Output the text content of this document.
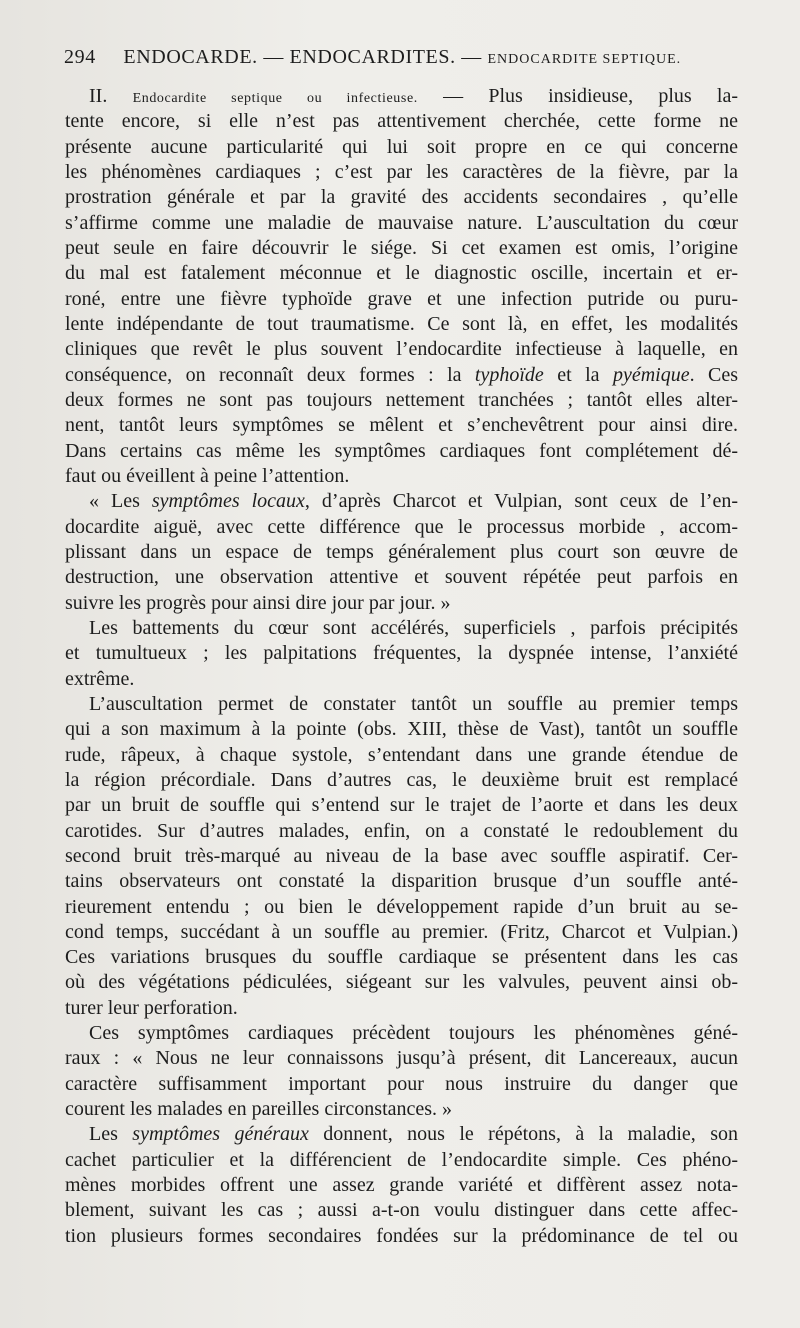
294 ENDOCARDE. — ENDOCARDITES. — ENDOCARDITE SEPTIQUE.
II. Endocardite septique ou infectieuse. — Plus insidieuse, plus la-
tente encore, si elle n’est pas attentivement cherchée, cette forme ne
présente aucune particularité qui lui soit propre en ce qui concerne
les phénomènes cardiaques ; c’est par les caractères de la fièvre, par la
prostration générale et par la gravité des accidents secondaires , qu’elle
s’affirme comme une maladie de mauvaise nature. L’auscultation du cœur
peut seule en faire découvrir le siége. Si cet examen est omis, l’origine
du mal est fatalement méconnue et le diagnostic oscille, incertain et er-
roné, entre une fièvre typhoïde grave et une infection putride ou puru-
lente indépendante de tout traumatisme. Ce sont là, en effet, les modalités
cliniques que revêt le plus souvent l’endocardite infectieuse à laquelle, en
conséquence, on reconnaît deux formes : la typhoïde et la pyémique. Ces
deux formes ne sont pas toujours nettement tranchées ; tantôt elles alter-
nent, tantôt leurs symptômes se mêlent et s’enchevêtrent pour ainsi dire.
Dans certains cas même les symptômes cardiaques font complétement dé-
faut ou éveillent à peine l’attention.
« Les symptômes locaux, d’après Charcot et Vulpian, sont ceux de l’en-
docardite aiguë, avec cette différence que le processus morbide , accom-
plissant dans un espace de temps généralement plus court son œuvre de
destruction, une observation attentive et souvent répétée peut parfois en
suivre les progrès pour ainsi dire jour par jour. »
Les battements du cœur sont accélérés, superficiels , parfois précipités
et tumultueux ; les palpitations fréquentes, la dyspnée intense, l’anxiété
extrême.
L’auscultation permet de constater tantôt un souffle au premier temps
qui a son maximum à la pointe (obs. XIII, thèse de Vast), tantôt un souffle
rude, râpeux, à chaque systole, s’entendant dans une grande étendue de
la région précordiale. Dans d’autres cas, le deuxième bruit est remplacé
par un bruit de souffle qui s’entend sur le trajet de l’aorte et dans les deux
carotides. Sur d’autres malades, enfin, on a constaté le redoublement du
second bruit très-marqué au niveau de la base avec souffle aspiratif. Cer-
tains observateurs ont constaté la disparition brusque d’un souffle anté-
rieurement entendu ; ou bien le développement rapide d’un bruit au se-
cond temps, succédant à un souffle au premier. (Fritz, Charcot et Vulpian.)
Ces variations brusques du souffle cardiaque se présentent dans les cas
où des végétations pédiculées, siégeant sur les valvules, peuvent ainsi ob-
turer leur perforation.
Ces symptômes cardiaques précèdent toujours les phénomènes géné-
raux : « Nous ne leur connaissons jusqu’à présent, dit Lancereaux, aucun
caractère suffisamment important pour nous instruire du danger que
courent les malades en pareilles circonstances. »
Les symptômes généraux donnent, nous le répétons, à la maladie, son
cachet particulier et la différencient de l’endocardite simple. Ces phéno-
mènes morbides offrent une assez grande variété et diffèrent assez nota-
blement, suivant les cas ; aussi a-t-on voulu distinguer dans cette affec-
tion plusieurs formes secondaires fondées sur la prédominance de tel ou
